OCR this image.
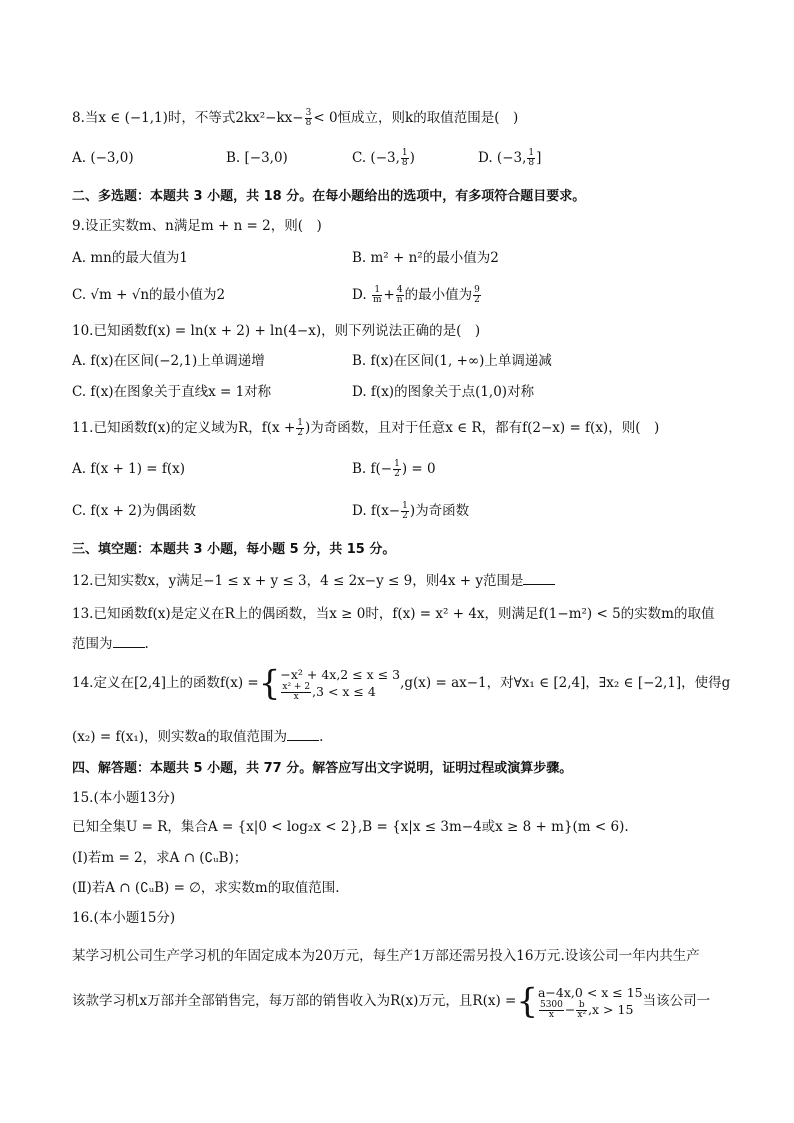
8.当x ∈ (−1,1)时，不等式$2kx^2-kx- \frac{3}{8} < 0$恒成立，则k的取值范围是(　)
A. (−3,0)	B. [−3,0)	C. (−3, $\frac{1}{8}$ )	D. (−3, $\frac{1}{8}$ ]
二、多选题：本题共 3 小题，共 18 分。在每小题给出的选项中，有多项符合题目要求。
9.设正实数m、n满足m + n = 2，则(　)
A. mn的最大值为1	B. m² + n²的最小值为2
C. √m + √n的最小值为2	D. $\frac{1}{m} + \frac{4}{n}$ 的最小值为 $\frac{9}{2}$
10.已知函数f(x) = ln(x + 2) + ln(4−x)，则下列说法正确的是(　)
A. f(x)在区间(−2,1)上单调递增	B. f(x)在区间(1, +∞)上单调递减
C. f(x)在图象关于直线x = 1对称	D. f(x)的图象关于点(1,0)对称
11.已知函数f(x)的定义域为R，$f(x + \frac{1}{2}$ )为奇函数，且对于任意x ∈ R，都有f(2−x) = f(x)，则(　)
A. f(x + 1) = f(x)	B. $f(- \frac{1}{2}$ ) = 0
C. f(x + 2)为偶函数	D. $f(x- \frac{1}{2}$ )为奇函数
三、填空题：本题共 3 小题，每小题 5 分，共 15 分。
12.已知实数x，y满足−1 ≤ x + y ≤ 3，4 ≤ 2x−y ≤ 9，则4x + y范围是
13.已知函数f(x)是定义在R上的偶函数，当x ≥ 0时，f(x) = x² + 4x，则满足f(1−m²) < 5的实数m的取值
范围为 .
14.定义在[2,4]上的函数f(x) ={ −x² + 4x,2 ≤ x ≤ 3
$\frac{\text{x² + 2}}{x} ,3 < x \le 4$	,g(x) = ax−1，对∀x₁ ∈ [2,4]，∃x₂ ∈ [−2,1]，使得g
(x₂) = f(x₁)，则实数a的取值范围为 .
四、解答题：本题共 5 小题，共 77 分。解答应写出文字说明，证明过程或演算步骤。
15.(本小题13分)
已知全集U = R，集合A = {x|0 < log₂x < 2},B = {x|x ≤ 3m−4或x ≥ 8 + m}(m < 6).
(Ⅰ)若m = 2，求A ∩ (∁ᵤB)；
(Ⅱ)若A ∩ (∁ᵤB) = ∅，求实数m的取值范围.
16.(本小题15分)
某学习机公司生产学习机的年固定成本为20万元，每生产1万部还需另投入16万元.设该公司一年内共生产
该款学习机x万部并全部销售完，每万部的销售收入为R(x)万元，且R(x) ={ a−4x,0 < x ≤ 15
$\frac{5300}{x} - \frac{b}{\text{x²}} ,x > 15$ 当该公司一
